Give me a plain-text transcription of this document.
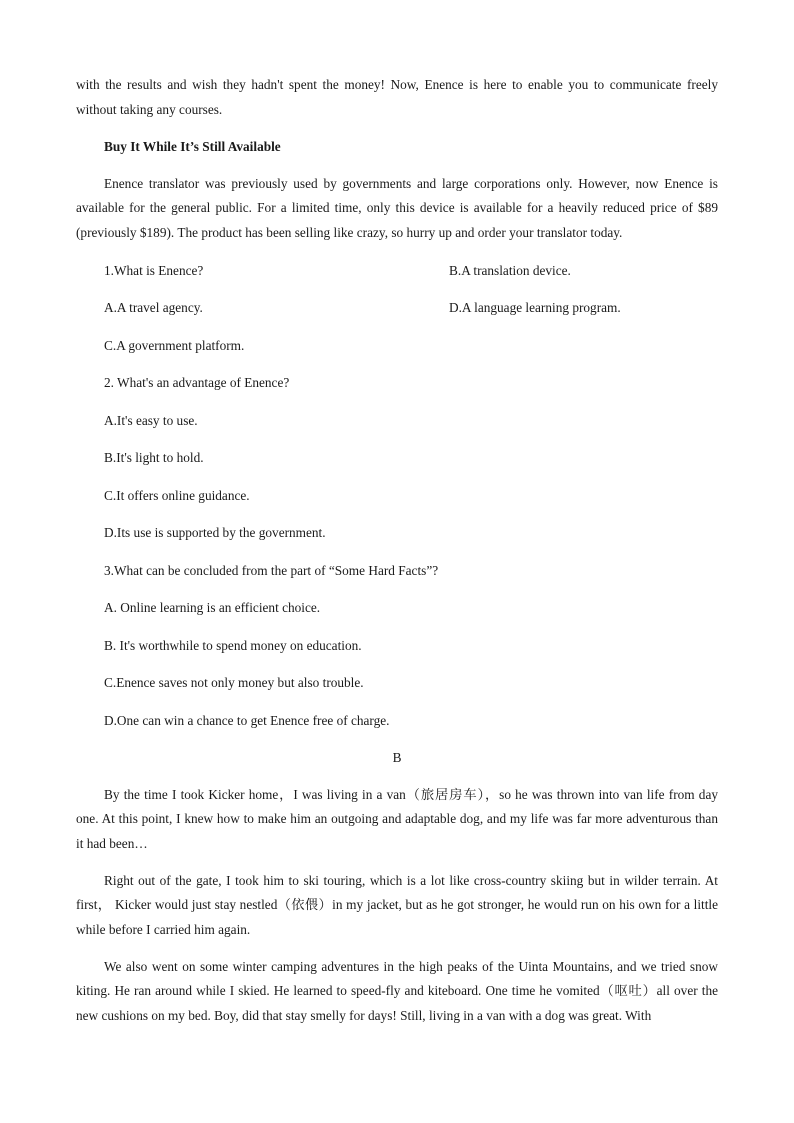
with the results and wish they hadn't spent the money! Now, Enence is here to enable you to communicate freely without taking any courses.

Buy It While It’s Still Available

Enence translator was previously used by governments and large corporations only. However, now Enence is available for the general public. For a limited time, only this device is available for a heavily reduced price of $89 (previously $189). The product has been selling like crazy, so hurry up and order your translator today.

1.What is Enence?	B.A translation device.
A.A travel agency.	D.A language learning program.
C.A government platform.
2. What's an advantage of Enence?
A.It's easy to use.
B.It's light to hold.
C.It offers online guidance.
D.Its use is supported by the government.
3.What can be concluded from the part of “Some Hard Facts”?
A. Online learning is an efficient choice.
B. It's worthwhile to spend money on education.
C.Enence saves not only money but also trouble.
D.One can win a chance to get Enence free of charge.
B

By the time I took Kicker home，I was living in a van（旅居房车），so he was thrown into van life from day one. At this point, I knew how to make him an outgoing and adaptable dog, and my life was far more adventurous than it had been…

Right out of the gate, I took him to ski touring, which is a lot like cross-country skiing but in wilder terrain. At first， Kicker would just stay nestled（依偎）in my jacket, but as he got stronger, he would run on his own for a little while before I carried him again.

We also went on some winter camping adventures in the high peaks of the Uinta Mountains, and we tried snow kiting. He ran around while I skied. He learned to speed-fly and kiteboard. One time he vomited（呕吐）all over the new cushions on my bed. Boy, did that stay smelly for days! Still, living in a van with a dog was great. With
